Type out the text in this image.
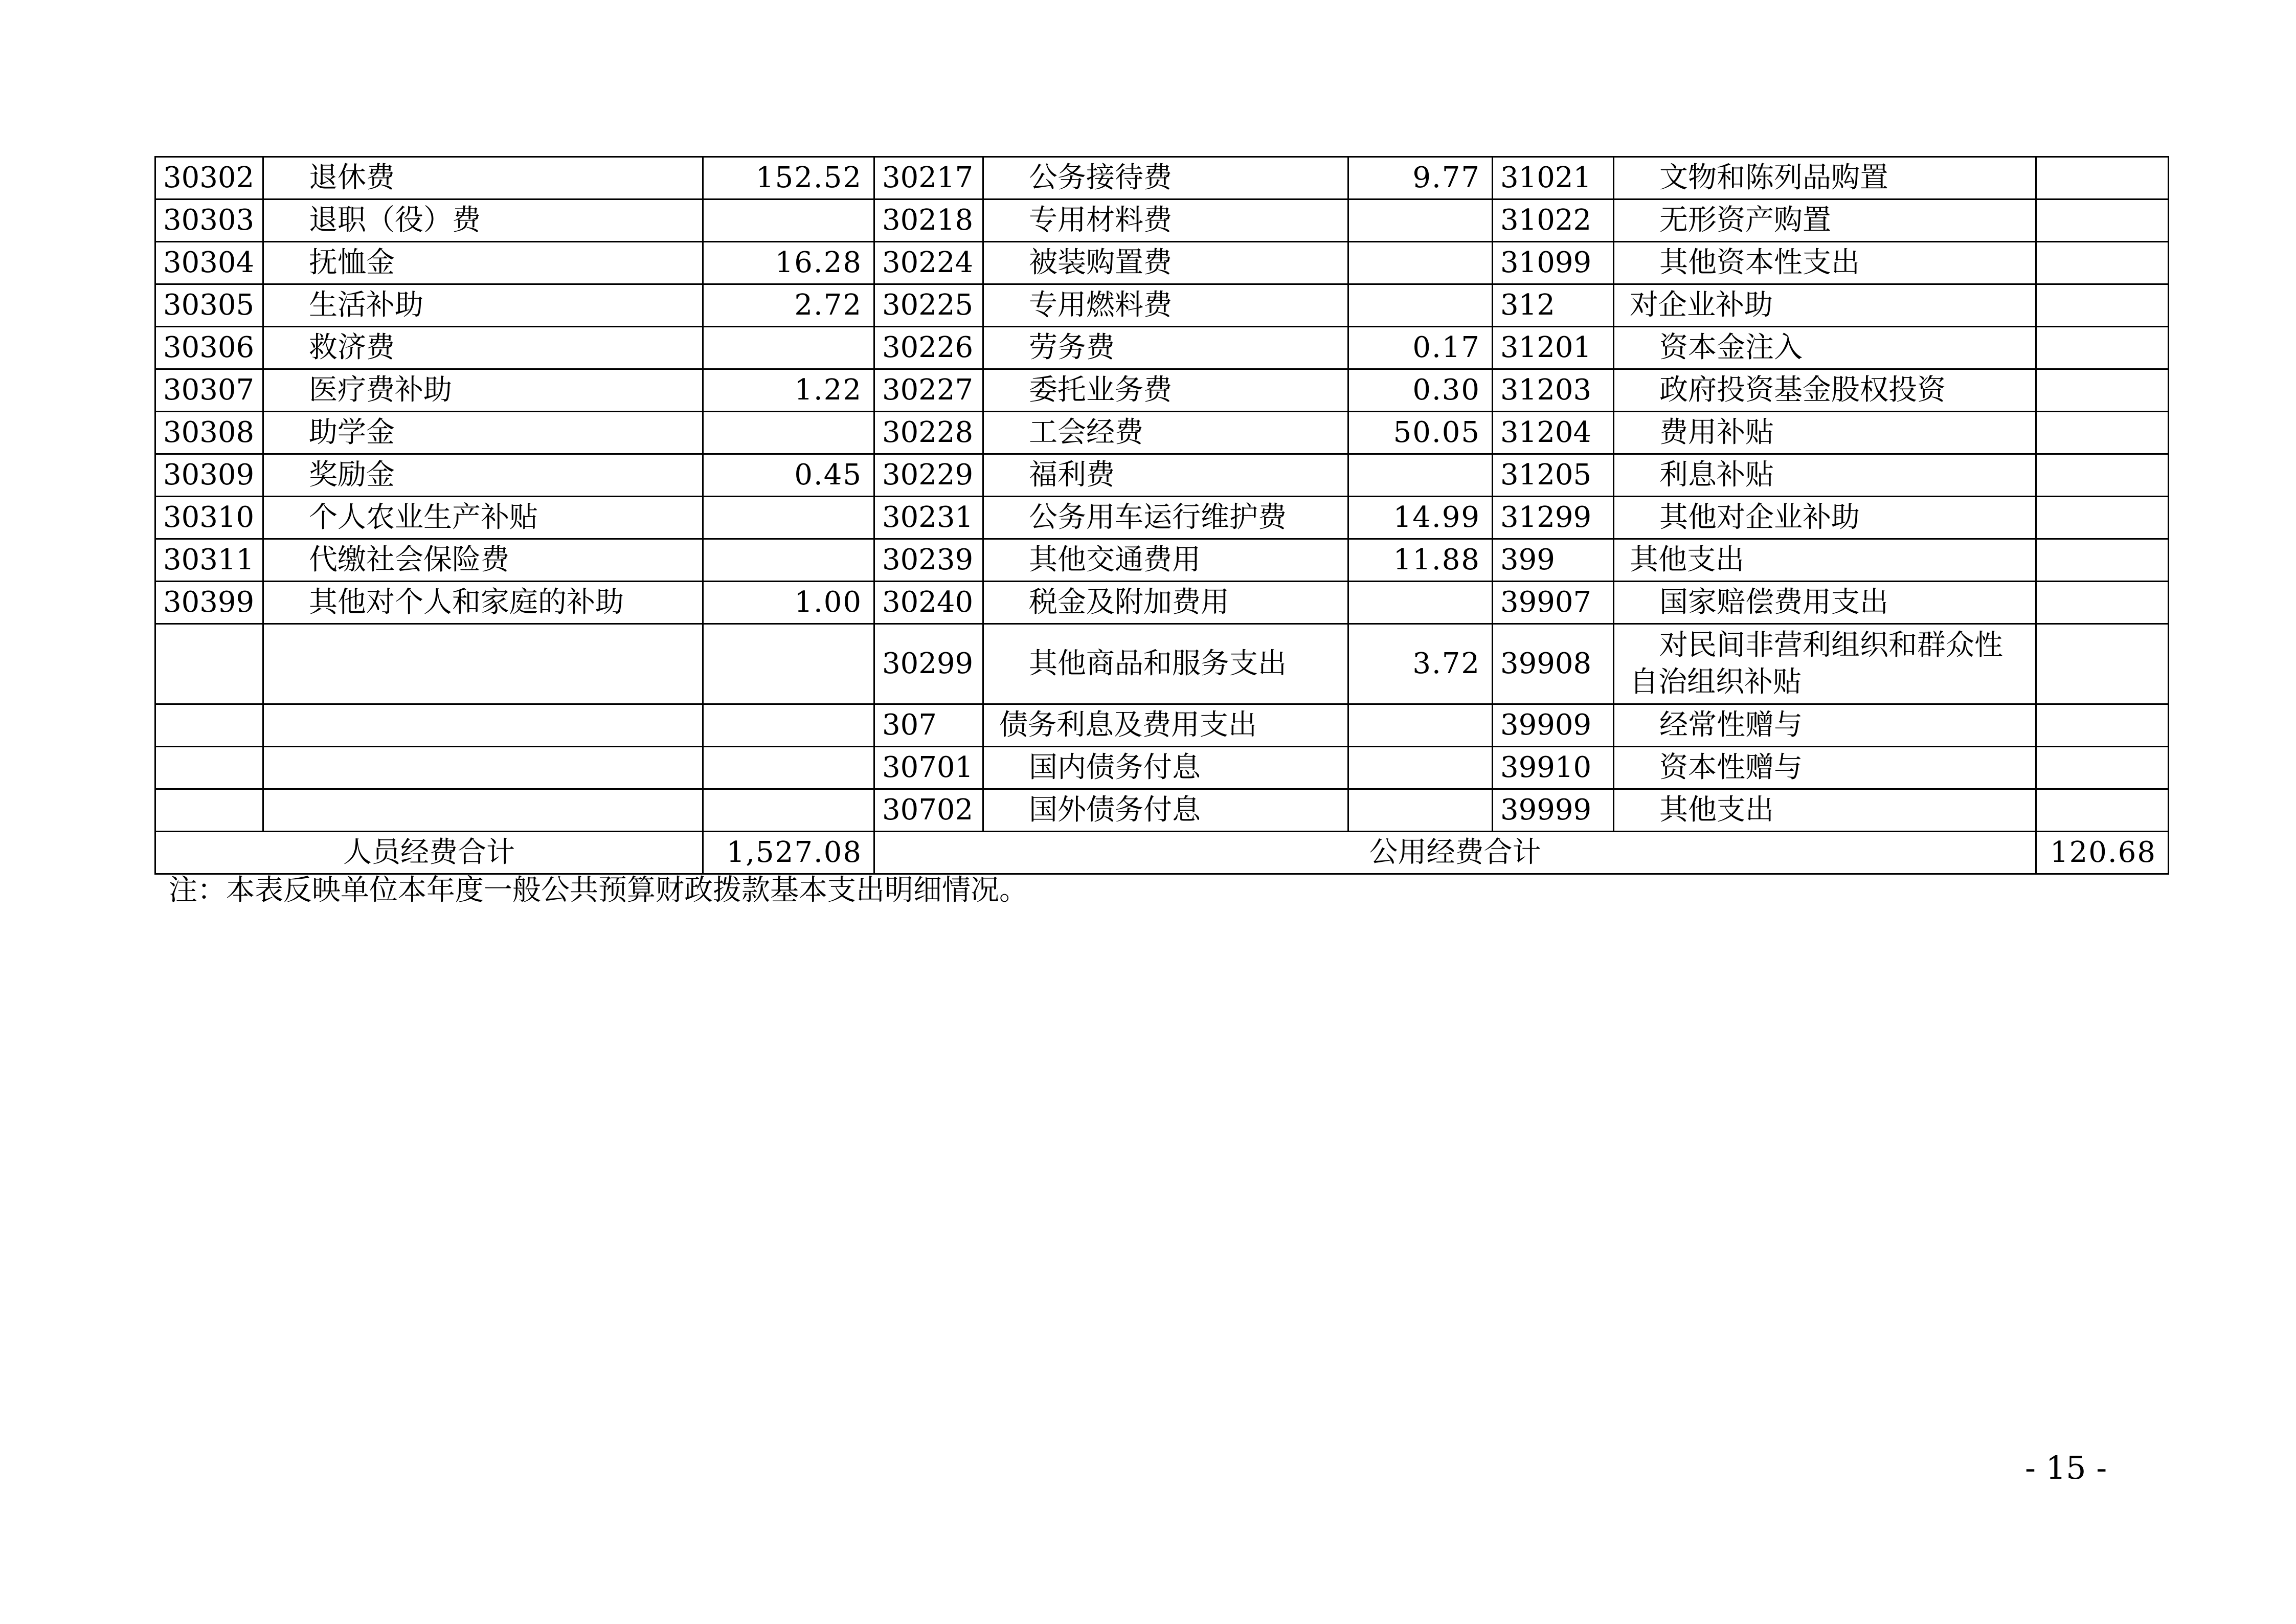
30302	退休费	152.52	30217	公务接待费	9.77	31021	文物和陈列品购置	
30303	退职（役）费		30218	专用材料费		31022	无形资产购置	
30304	抚恤金	16.28	30224	被装购置费		31099	其他资本性支出	
30305	生活补助	2.72	30225	专用燃料费		312	对企业补助	
30306	救济费		30226	劳务费	0.17	31201	资本金注入	
30307	医疗费补助	1.22	30227	委托业务费	0.30	31203	政府投资基金股权投资	
30308	助学金		30228	工会经费	50.05	31204	费用补贴	
30309	奖励金	0.45	30229	福利费		31205	利息补贴	
30310	个人农业生产补贴		30231	公务用车运行维护费	14.99	31299	其他对企业补助	
30311	代缴社会保险费		30239	其他交通费用	11.88	399	其他支出	
30399	其他对个人和家庭的补助	1.00	30240	税金及附加费用		39907	国家赔偿费用支出	
			30299	其他商品和服务支出	3.72	39908	对民间非营利组织和群众性自治组织补贴	
			307	债务利息及费用支出		39909	经常性赠与	
			30701	国内债务付息		39910	资本性赠与	
			30702	国外债务付息		39999	其他支出	
人员经费合计		1,527.08	公用经费合计					120.68
注：本表反映单位本年度一般公共预算财政拨款基本支出明细情况。
- 15 -
